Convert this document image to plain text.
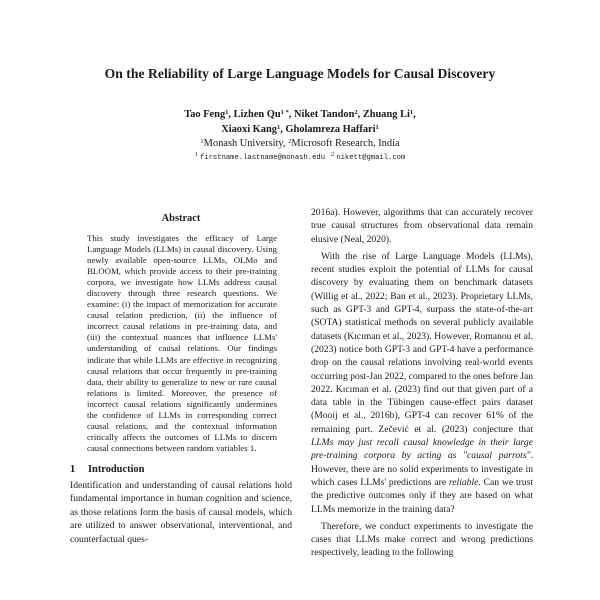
On the Reliability of Large Language Models for Causal Discovery
Tao Feng$^1$, Lizhen $Qu^{1 *}$, Niket Tandon$^2$, Zhuang Li$^1$,
Xiaoxi Kang$^1$, Gholamreza Haffari$^1$
$^1$Monash University, $^2$Microsoft Research, India
$^1$ firstname.lastname@monash.edu $^2$ nikett@gmail.com
Abstract

This study investigates the efficacy of Large Language Models (LLMs) in causal discovery. Using newly available open-source LLMs, OLMo and BLOOM, which provide access to their pre-training corpora, we investigate how LLMs address causal discovery through three research questions. We examine: (i) the impact of memorization for accurate causal relation prediction, (ii) the influence of incorrect causal relations in pre-training data, and (iii) the contextual nuances that influence LLMs' understanding of causal relations. Our findings indicate that while LLMs are effective in recognizing causal relations that occur frequently in pre-training data, their ability to generalize to new or rare causal relations is limited. Moreover, the presence of incorrect causal relations significantly undermines the confidence of LLMs in corresponding correct causal relations, and the contextual information critically affects the outcomes of LLMs to discern causal connections between random variables 1.

1 Introduction

Identification and understanding of causal relations hold fundamental importance in human cognition and science, as those relations form the basis of causal models, which are utilized to answer observational, interventional, and counterfactual ques-

2016a). However, algorithms that can accurately recover true causal structures from observational data remain elusive (Neal, 2020).

With the rise of Large Language Models (LLMs), recent studies exploit the potential of LLMs for causal discovery by evaluating them on benchmark datasets (Willig et al., 2022; Ban et al., 2023). Proprietary LLMs, such as GPT-3 and GPT-4, surpass the state-of-the-art (SOTA) statistical methods on several publicly available datasets (Kıcıman et al., 2023). However, Romanou et al. (2023) notice both GPT-3 and GPT-4 have a performance drop on the causal relations involving real-world events occurring post-Jan 2022, compared to the ones before Jan 2022. Kıcıman et al. (2023) find out that given part of a data table in the Tübingen cause-effect pairs dataset (Mooij et al., 2016b), GPT-4 can recover 61% of the remaining part. Zečević et al. (2023) conjecture that LLMs may just recall causal knowledge in their large pre-training corpora by acting as "causal parrots". However, there are no solid experiments to investigate in which cases LLMs' predictions are reliable. Can we trust the predictive outcomes only if they are based on what LLMs memorize in the training data?

Therefore, we conduct experiments to investigate the cases that LLMs make correct and wrong predictions respectively, leading to the following
